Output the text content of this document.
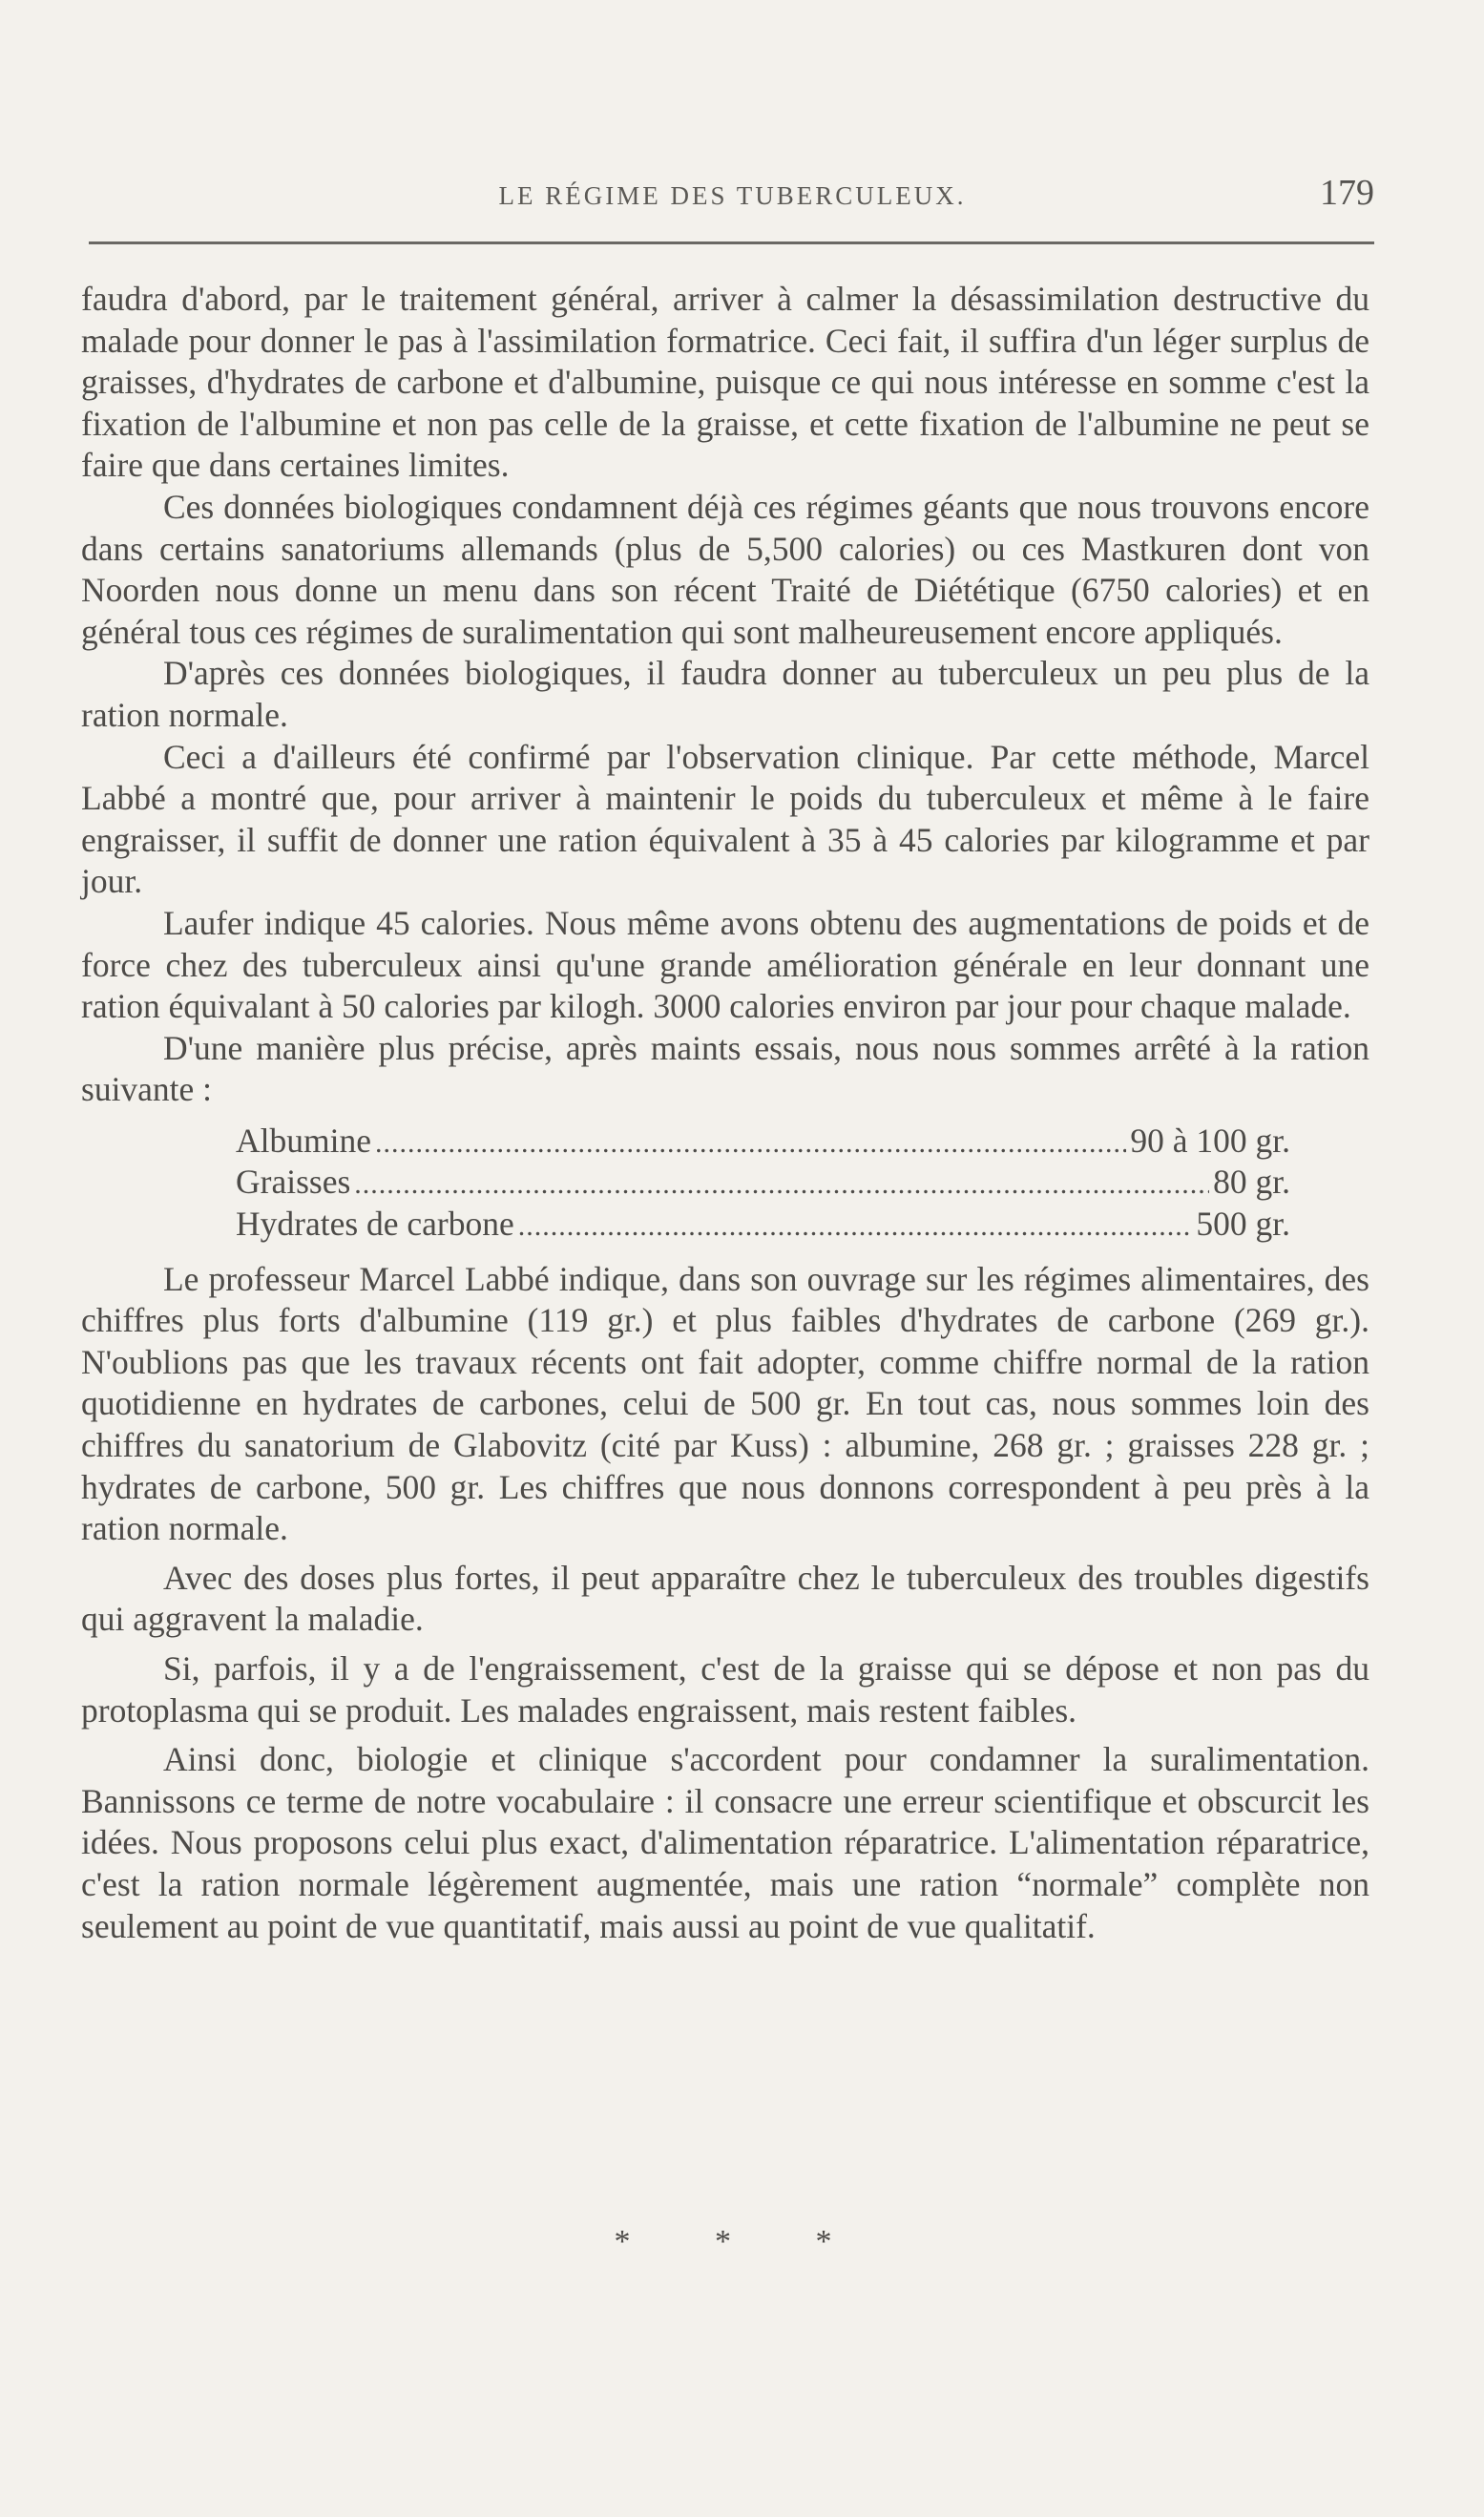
LE RÉGIME DES TUBERCULEUX.	179

faudra d'abord, par le traitement général, arriver à calmer la désassimilation destructive du malade pour donner le pas à l'assimilation formatrice. Ceci fait, il suffira d'un léger surplus de graisses, d'hydrates de carbone et d'albumine, puisque ce qui nous intéresse en somme c'est la fixation de l'albumine et non pas celle de la graisse, et cette fixation de l'albumine ne peut se faire que dans certaines limites.

Ces données biologiques condamnent déjà ces régimes géants que nous trouvons encore dans certains sanatoriums allemands (plus de 5,500 calories) ou ces Mastkuren dont von Noorden nous donne un menu dans son récent Traité de Diététique (6750 calories) et en général tous ces régimes de suralimentation qui sont malheureusement encore appliqués.

D'après ces données biologiques, il faudra donner au tuberculeux un peu plus de la ration normale.

Ceci a d'ailleurs été confirmé par l'observation clinique. Par cette méthode, Marcel Labbé a montré que, pour arriver à maintenir le poids du tuberculeux et même à le faire engraisser, il suffit de donner une ration équivalent à 35 à 45 calories par kilogramme et par jour.

Laufer indique 45 calories. Nous même avons obtenu des augmentations de poids et de force chez des tuberculeux ainsi qu'une grande amélioration générale en leur donnant une ration équivalant à 50 calories par kilogh. 3000 calories environ par jour pour chaque malade.

D'une manière plus précise, après maints essais, nous nous sommes arrêté à la ration suivante :

Albumine .....	90 à 100 gr.
Graisses .....	80 gr.
Hydrates de carbone .....	500 gr.

Le professeur Marcel Labbé indique, dans son ouvrage sur les régimes alimentaires, des chiffres plus forts d'albumine (119 gr.) et plus faibles d'hydrates de carbone (269 gr.). N'oublions pas que les travaux récents ont fait adopter, comme chiffre normal de la ration quotidienne en hydrates de carbones, celui de 500 gr. En tout cas, nous sommes loin des chiffres du sanatorium de Glabovitz (cité par Kuss) : albumine, 268 gr. ; graisses 228 gr. ; hydrates de carbone, 500 gr. Les chiffres que nous donnons correspondent à peu près à la ration normale.

Avec des doses plus fortes, il peut apparaître chez le tuberculeux des troubles digestifs qui aggravent la maladie.

Si, parfois, il y a de l'engraissement, c'est de la graisse qui se dépose et non pas du protoplasma qui se produit. Les malades engraissent, mais restent faibles.

Ainsi donc, biologie et clinique s'accordent pour condamner la suralimentation. Bannissons ce terme de notre vocabulaire : il consacre une erreur scientifique et obscurcit les idées. Nous proposons celui plus exact, d'alimentation réparatrice. L'alimentation réparatrice, c'est la ration normale légèrement augmentée, mais une ration “normale” complète non seulement au point de vue quantitatif, mais aussi au point de vue qualitatif.

* * *
